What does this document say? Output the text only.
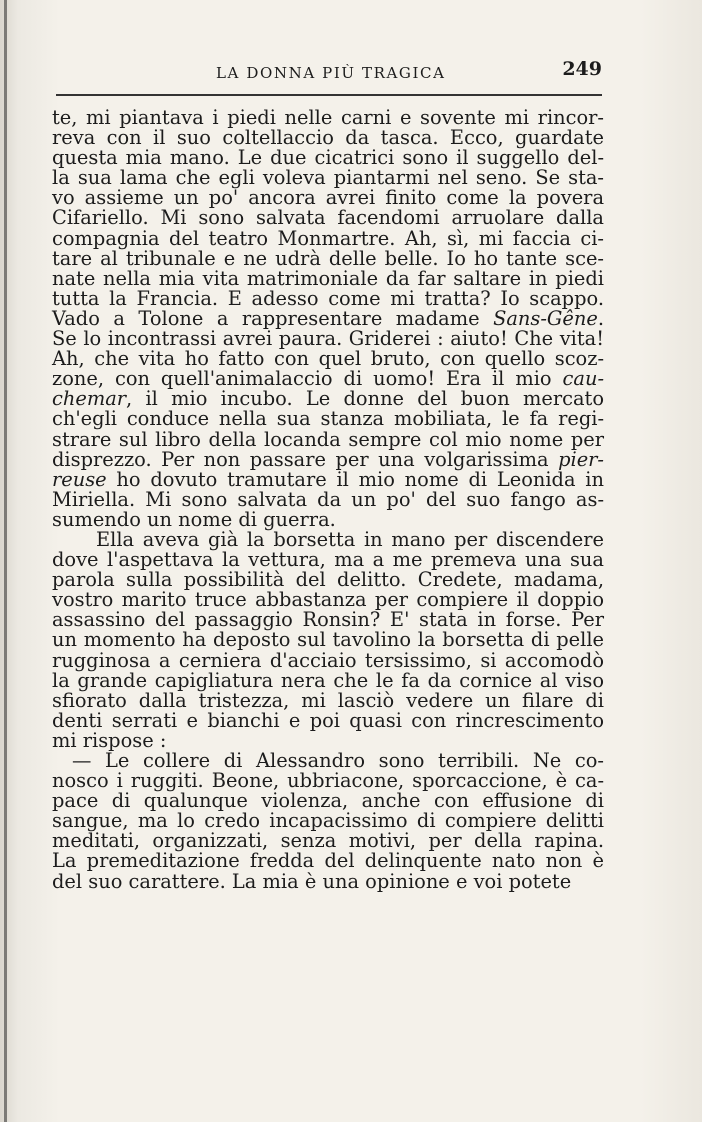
LA DONNA PIÙ TRAGICA	249
te, mi piantava i piedi nelle carni e sovente mi rincor-
reva con il suo coltellaccio da tasca. Ecco, guardate
questa mia mano. Le due cicatrici sono il suggello del-
la sua lama che egli voleva piantarmi nel seno. Se sta-
vo assieme un po' ancora avrei finito come la povera
Cifariello. Mi sono salvata facendomi arruolare dalla
compagnia del teatro Monmartre. Ah, sì, mi faccia ci-
tare al tribunale e ne udrà delle belle. Io ho tante sce-
nate nella mia vita matrimoniale da far saltare in piedi
tutta la Francia. E adesso come mi tratta? Io scappo.
Vado a Tolone a rappresentare madame Sans-Gêne.
Se lo incontrassi avrei paura. Griderei : aiuto! Che vita!
Ah, che vita ho fatto con quel bruto, con quello scoz-
zone, con quell'animalaccio di uomo! Era il mio cau-
chemar, il mio incubo. Le donne del buon mercato
ch'egli conduce nella sua stanza mobiliata, le fa regi-
strare sul libro della locanda sempre col mio nome per
disprezzo. Per non passare per una volgarissima pier-
reuse ho dovuto tramutare il mio nome di Leonida in
Miriella. Mi sono salvata da un po' del suo fango as-
sumendo un nome di guerra.
Ella aveva già la borsetta in mano per discendere
dove l'aspettava la vettura, ma a me premeva una sua
parola sulla possibilità del delitto. Credete, madama,
vostro marito truce abbastanza per compiere il doppio
assassino del passaggio Ronsin? E' stata in forse. Per
un momento ha deposto sul tavolino la borsetta di pelle
rugginosa a cerniera d'acciaio tersissimo, si accomodò
la grande capigliatura nera che le fa da cornice al viso
sfiorato dalla tristezza, mi lasciò vedere un filare di
denti serrati e bianchi e poi quasi con rincrescimento
mi rispose :
— Le collere di Alessandro sono terribili. Ne co-
nosco i ruggiti. Beone, ubbriacone, sporcaccione, è ca-
pace di qualunque violenza, anche con effusione di
sangue, ma lo credo incapacissimo di compiere delitti
meditati, organizzati, senza motivi, per della rapina.
La premeditazione fredda del delinquente nato non è
del suo carattere. La mia è una opinione e voi potete
